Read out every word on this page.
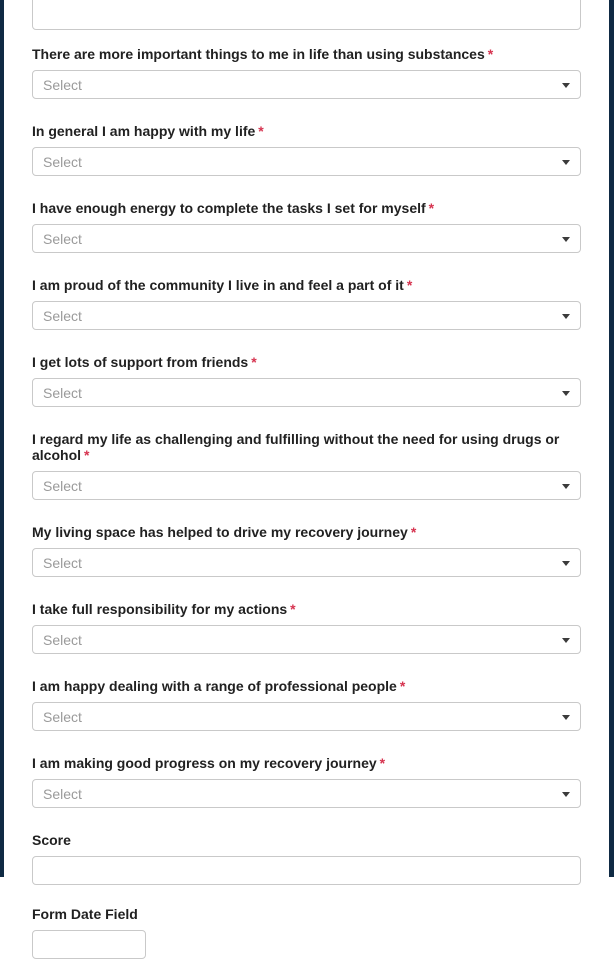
There are more important things to me in life than using substances *
Select
In general I am happy with my life *
Select
I have enough energy to complete the tasks I set for myself *
Select
I am proud of the community I live in and feel a part of it *
Select
I get lots of support from friends *
Select
I regard my life as challenging and fulfilling without the need for using drugs or alcohol *
Select
My living space has helped to drive my recovery journey *
Select
I take full responsibility for my actions *
Select
I am happy dealing with a range of professional people *
Select
I am making good progress on my recovery journey *
Select
Score
Form Date Field
